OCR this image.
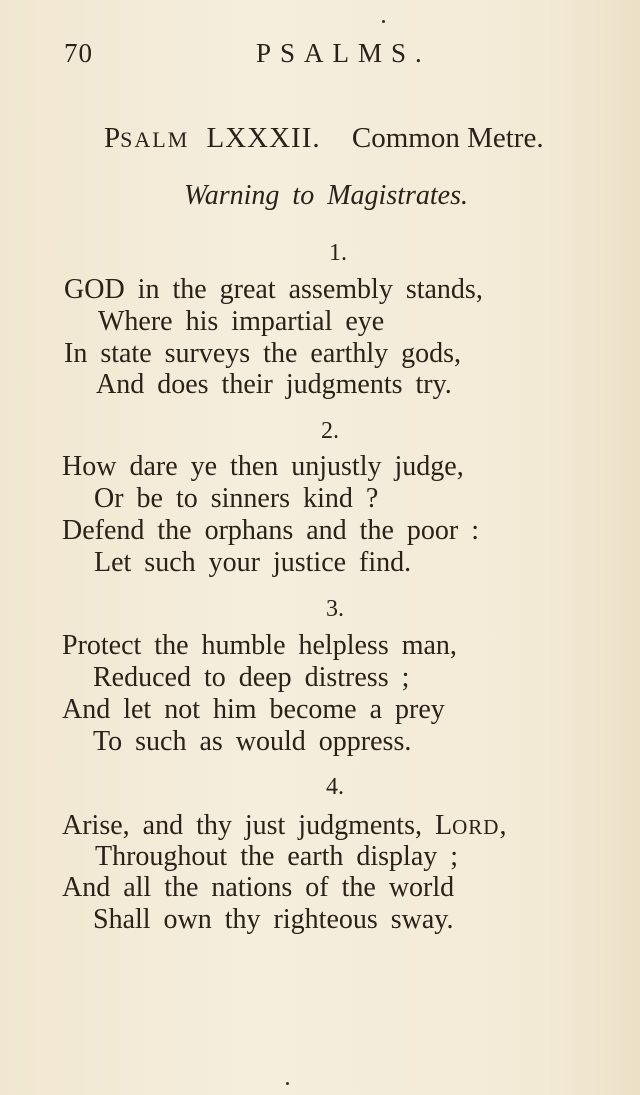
70	PSALMS.
PSALM LXXXII. Common Metre.
Warning to Magistrates.
1.
GOD in the great assembly stands,
Where his impartial eye
In state surveys the earthly gods,
And does their judgments try.
2.
How dare ye then unjustly judge,
Or be to sinners kind ?
Defend the orphans and the poor :
Let such your justice find.
3.
Protect the humble helpless man,
Reduced to deep distress ;
And let not him become a prey
To such as would oppress.
4.
Arise, and thy just judgments, LORD,
Throughout the earth display ;
And all the nations of the world
Shall own thy righteous sway.
